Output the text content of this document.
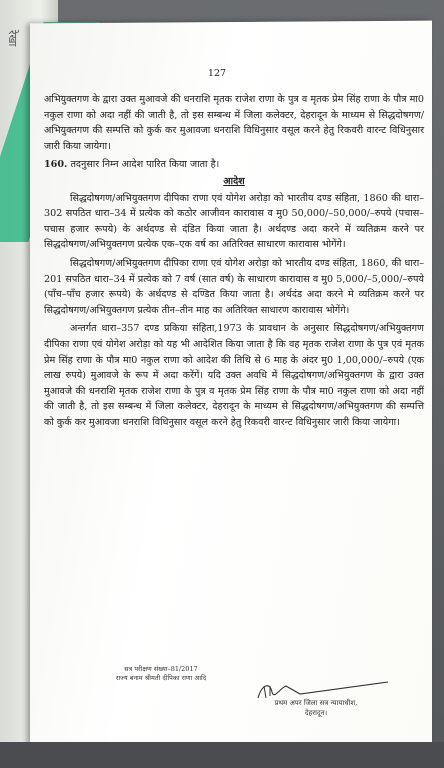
रेखा
127

अभियुक्तगण के द्वारा उक्त मुआवजे की धनराशि मृतक राजेश राणा के पुत्र व मृतक प्रेम सिंह राणा के पौत्र मा0 नकुल राणा को अदा नहीं की जाती है, तो इस सम्बन्ध में जिला कलेक्टर, देहरादून के माध्यम से सिद्धदोषगण/अभियुक्तगण की सम्पत्ति को कुर्क कर मुआवजा धनराशि विधिनुसार वसूल करने हेतु रिकवरी वारन्ट विधिनुसार जारी किया जायेगा।

160. तदनुसार निम्न आदेश पारित किया जाता है।

आदेश

सिद्धदोषगण/अभियुक्तगण दीपिका राणा एवं योगेश अरोड़ा को भारतीय दण्ड संहिता, 1860 की धारा–302 सपठित धारा–34 में प्रत्येक को कठोर आजीवन कारावास व मु0 50,000/–50,000/–रुपये (पचास–पचास हजार रूपये) के अर्थदण्ड से दंडित किया जाता है। अर्थदण्ड अदा करने में व्यतिक्रम करने पर सिद्धदोषगण/अभियुक्तगण प्रत्येक एक–एक वर्ष का अतिरिक्त साधारण कारावास भोगेंगे।

सिद्धदोषगण/अभियुक्तगण दीपिका राणा एवं योगेश अरोड़ा को भारतीय दण्ड संहिता, 1860, की धारा–201 सपठित धारा–34 में प्रत्येक को 7 वर्ष (सात वर्ष) के साधारण कारावास व मु0 5,000/–5,000/–रुपये (पाँच–पाँच हजार रूपये) के अर्थदण्ड से दण्डित किया जाता है। अर्थदंड अदा करने मे व्यतिक्रम करने पर सिद्धदोषगण/अभियुक्तगण प्रत्येक तीन–तीन माह का अतिरिक्त साधारण कारावास भोगेंगे।

अन्तर्गत धारा–357 दण्ड प्रकिया संहिता,1973 के प्रावधान के अनुसार सिद्धदोषगण/अभियुक्तगण दीपिका राणा एवं योगेश अरोड़ा को यह भी आदेशित किया जाता है कि वह मृतक राजेश राणा के पुत्र एवं मृतक प्रेम सिंह राणा के पौत्र मा0 नकुल राणा को आदेश की तिथि से 6 माह के अंदर मु0 1,00,000/–रुपये (एक लाख रुपये) मुआवजे के रूप में अदा करेंगें। यदि उक्त अवधि में सिद्धदोषगण/अभियुक्तगण के द्वारा उक्त मुआवजे की धनराशि मृतक राजेश राणा के पुत्र व मृतक प्रेम सिंह राणा के पौत्र मा0 नकुल राणा को अदा नहीं की जाती है, तो इस सम्बन्ध में जिला कलेक्टर, देहरादून के माध्यम से सिद्धदोषगण/अभियुक्तगण की सम्पत्ति को कुर्क कर मुआवजा धनराशि विधिनुसार वसूल करने हेतु रिकवरी वारन्ट विधिनुसार जारी किया जायेगा।

सत्र परीक्षण संख्या–81/2017
राज्य बनाम श्रीमती दीपिका राणा आदि
प्रथम अपर जिला सत्र न्यायाधीश,
देहरादून।
